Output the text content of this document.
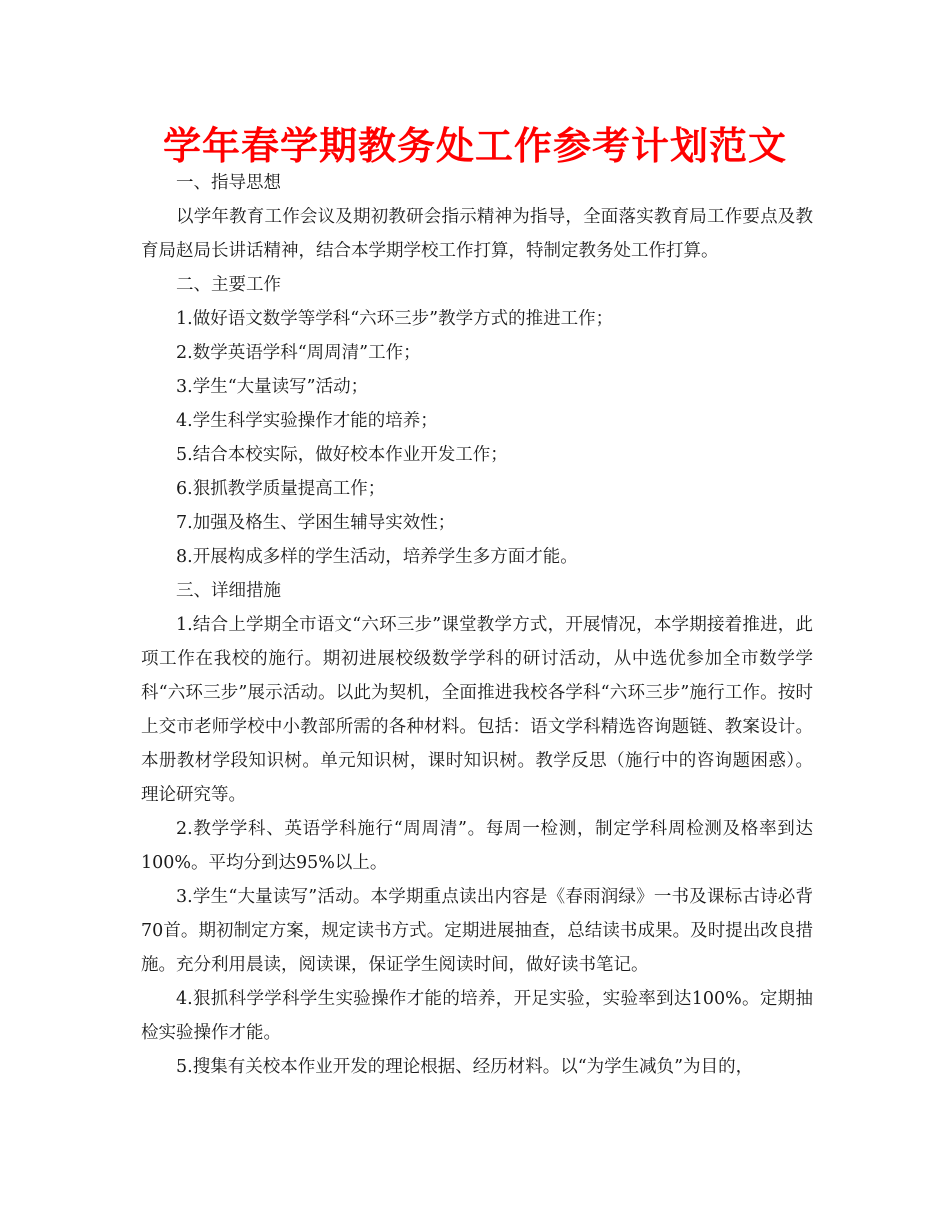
学年春学期教务处工作参考计划范文

一、指导思想

以学年教育工作会议及期初教研会指示精神为指导，全面落实教育局工作要点及教育局赵局长讲话精神，结合本学期学校工作打算，特制定教务处工作打算。

二、主要工作

1.做好语文数学等学科“六环三步”教学方式的推进工作；

2.数学英语学科“周周清”工作；

3.学生“大量读写”活动；

4.学生科学实验操作才能的培养；

5.结合本校实际，做好校本作业开发工作；

6.狠抓教学质量提高工作；

7.加强及格生、学困生辅导实效性；

8.开展构成多样的学生活动，培养学生多方面才能。

三、详细措施

1.结合上学期全市语文“六环三步”课堂教学方式，开展情况，本学期接着推进，此项工作在我校的施行。期初进展校级数学学科的研讨活动，从中选优参加全市数学学科“六环三步”展示活动。以此为契机，全面推进我校各学科“六环三步”施行工作。按时上交市老师学校中小教部所需的各种材料。包括：语文学科精选咨询题链、教案设计。本册教材学段知识树。单元知识树，课时知识树。教学反思（施行中的咨询题困惑）。理论研究等。

2.教学学科、英语学科施行“周周清”。每周一检测，制定学科周检测及格率到达100%。平均分到达95%以上。

3.学生“大量读写”活动。本学期重点读出内容是《春雨润绿》一书及课标古诗必背70首。期初制定方案，规定读书方式。定期进展抽查，总结读书成果。及时提出改良措施。充分利用晨读，阅读课，保证学生阅读时间，做好读书笔记。

4.狠抓科学学科学生实验操作才能的培养，开足实验，实验率到达100%。定期抽检实验操作才能。

5.搜集有关校本作业开发的理论根据、经历材料。以“为学生减负”为目的，
